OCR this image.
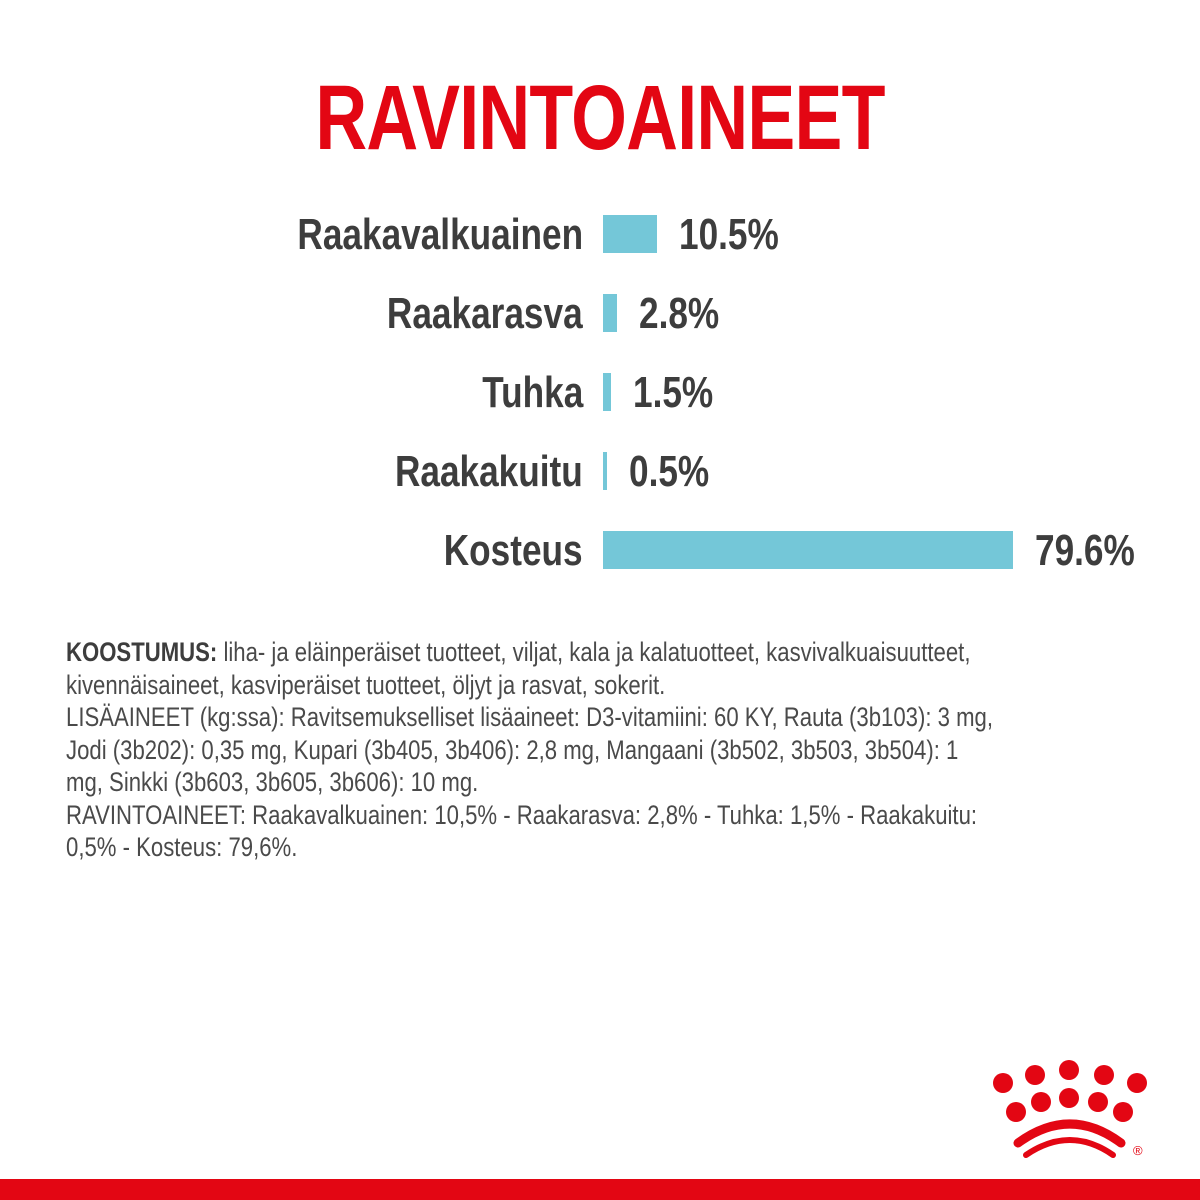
RAVINTOAINEET
Raakavalkuainen 10.5%
Raakarasva 2.8%
Tuhka 1.5%
Raakakuitu 0.5%
Kosteus	79.6%

KOOSTUMUS: liha- ja eläinperäiset tuotteet, viljat, kala ja kalatuotteet, kasvivalkuaisuutteet,

kivennäisaineet, kasviperäiset tuotteet, öljyt ja rasvat, sokerit.

LISÄAINEET (kg:ssa): Ravitsemukselliset lisäaineet: D3-vitamiini: 60 KY, Rauta (3b103): 3 mg,

Jodi (3b202): 0,35 mg, Kupari (3b405, 3b406): 2,8 mg, Mangaani (3b502, 3b503, 3b504): 1

mg, Sinkki (3b603, 3b605, 3b606): 10 mg.

RAVINTOAINEET: Raakavalkuainen: 10,5% - Raakarasva: 2,8% - Tuhka: 1,5% - Raakakuitu:

0,5% - Kosteus: 79,6%.

®
